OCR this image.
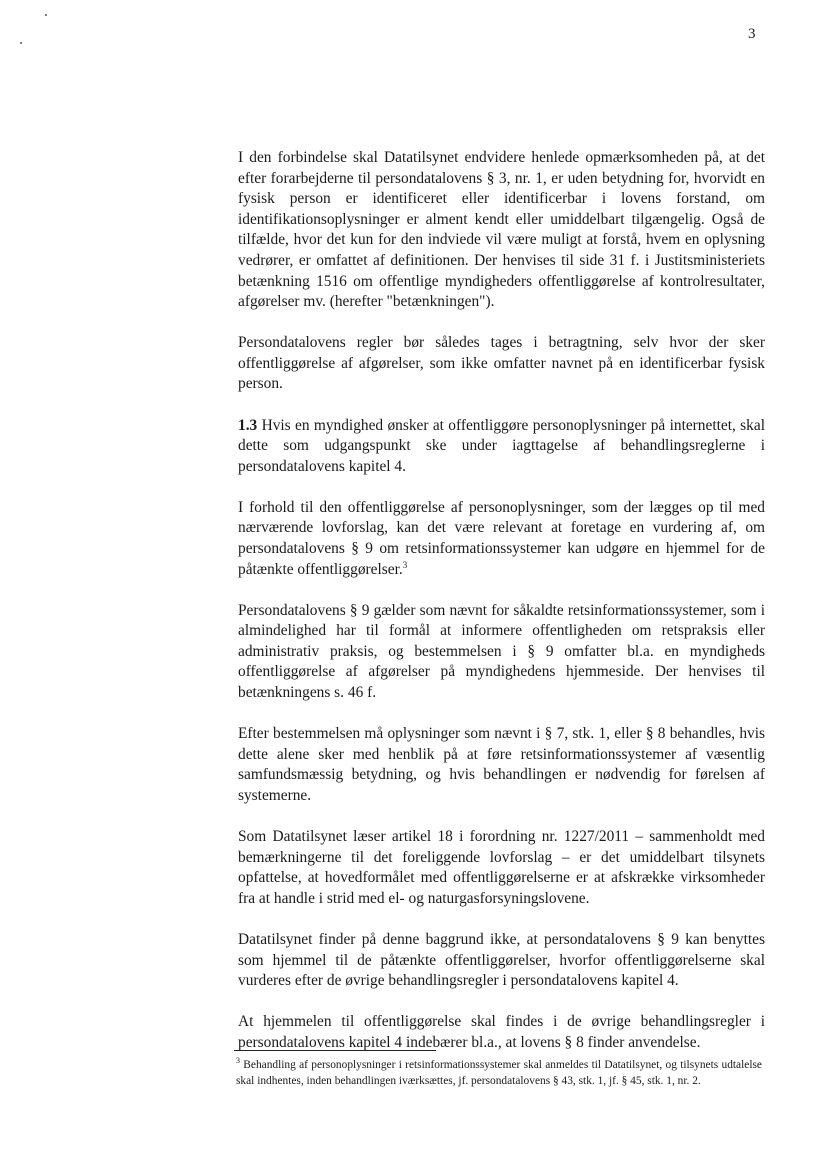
3

I den forbindelse skal Datatilsynet endvidere henlede opmærksomheden på, at det efter forarbejderne til persondatalovens § 3, nr. 1, er uden betydning for, hvorvidt en fysisk person er identificeret eller identificerbar i lovens forstand, om identifikationsoplysninger er alment kendt eller umiddelbart tilgængelig. Også de tilfælde, hvor det kun for den indviede vil være muligt at forstå, hvem en oplysning vedrører, er omfattet af definitionen. Der henvises til side 31 f. i Justitsministeriets betænkning 1516 om offentlige myndigheders offentliggørelse af kontrolresultater, afgørelser mv. (herefter "betænkningen").

Persondatalovens regler bør således tages i betragtning, selv hvor der sker offentliggørelse af afgørelser, som ikke omfatter navnet på en identificerbar fysisk person.

1.3 Hvis en myndighed ønsker at offentliggøre personoplysninger på internettet, skal dette som udgangspunkt ske under iagttagelse af behandlingsreglerne i persondatalovens kapitel 4.

I forhold til den offentliggørelse af personoplysninger, som der lægges op til med nærværende lovforslag, kan det være relevant at foretage en vurdering af, om persondatalovens § 9 om retsinformationssystemer kan udgøre en hjemmel for de påtænkte offentliggørelser.$^3$

Persondatalovens § 9 gælder som nævnt for såkaldte retsinformationssystemer, som i almindelighed har til formål at informere offentligheden om retspraksis eller administrativ praksis, og bestemmelsen i § 9 omfatter bl.a. en myndigheds offentliggørelse af afgørelser på myndighedens hjemmeside. Der henvises til betænkningens s. 46 f.

Efter bestemmelsen må oplysninger som nævnt i § 7, stk. 1, eller § 8 behandles, hvis dette alene sker med henblik på at føre retsinformationssystemer af væsentlig samfundsmæssig betydning, og hvis behandlingen er nødvendig for førelsen af systemerne.

Som Datatilsynet læser artikel 18 i forordning nr. 1227/2011 – sammenholdt med bemærkningerne til det foreliggende lovforslag – er det umiddelbart tilsynets opfattelse, at hovedformålet med offentliggørelserne er at afskrække virksomheder fra at handle i strid med el- og naturgasforsyningslovene.

Datatilsynet finder på denne baggrund ikke, at persondatalovens § 9 kan benyttes som hjemmel til de påtænkte offentliggørelser, hvorfor offentliggørelserne skal vurderes efter de øvrige behandlingsregler i persondatalovens kapitel 4.

At hjemmelen til offentliggørelse skal findes i de øvrige behandlingsregler i persondatalovens kapitel 4 indebærer bl.a., at lovens § 8 finder anvendelse.

$^3$ Behandling af personoplysninger i retsinformationssystemer skal anmeldes til Datatilsynet, og tilsynets udtalelse skal indhentes, inden behandlingen iværksættes, jf. persondatalovens § 43, stk. 1, jf. § 45, stk. 1, nr. 2.
